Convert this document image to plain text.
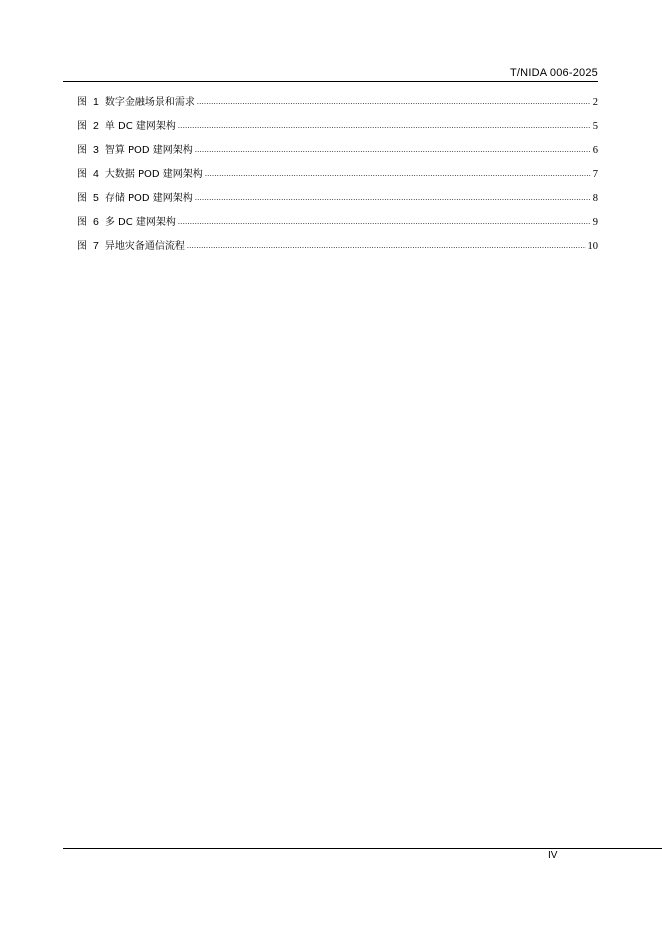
T/NIDA 006-2025
图 1 数字金融场景和需求 .....	2
图 2 单 DC 建网架构 .....	5
图 3 智算 POD 建网架构 .....	6
图 4 大数据 POD 建网架构 .....	7
图 5 存储 POD 建网架构 .....	8
图 6 多 DC 建网架构 .....	9
图 7 异地灾备通信流程 .....	10
IV
